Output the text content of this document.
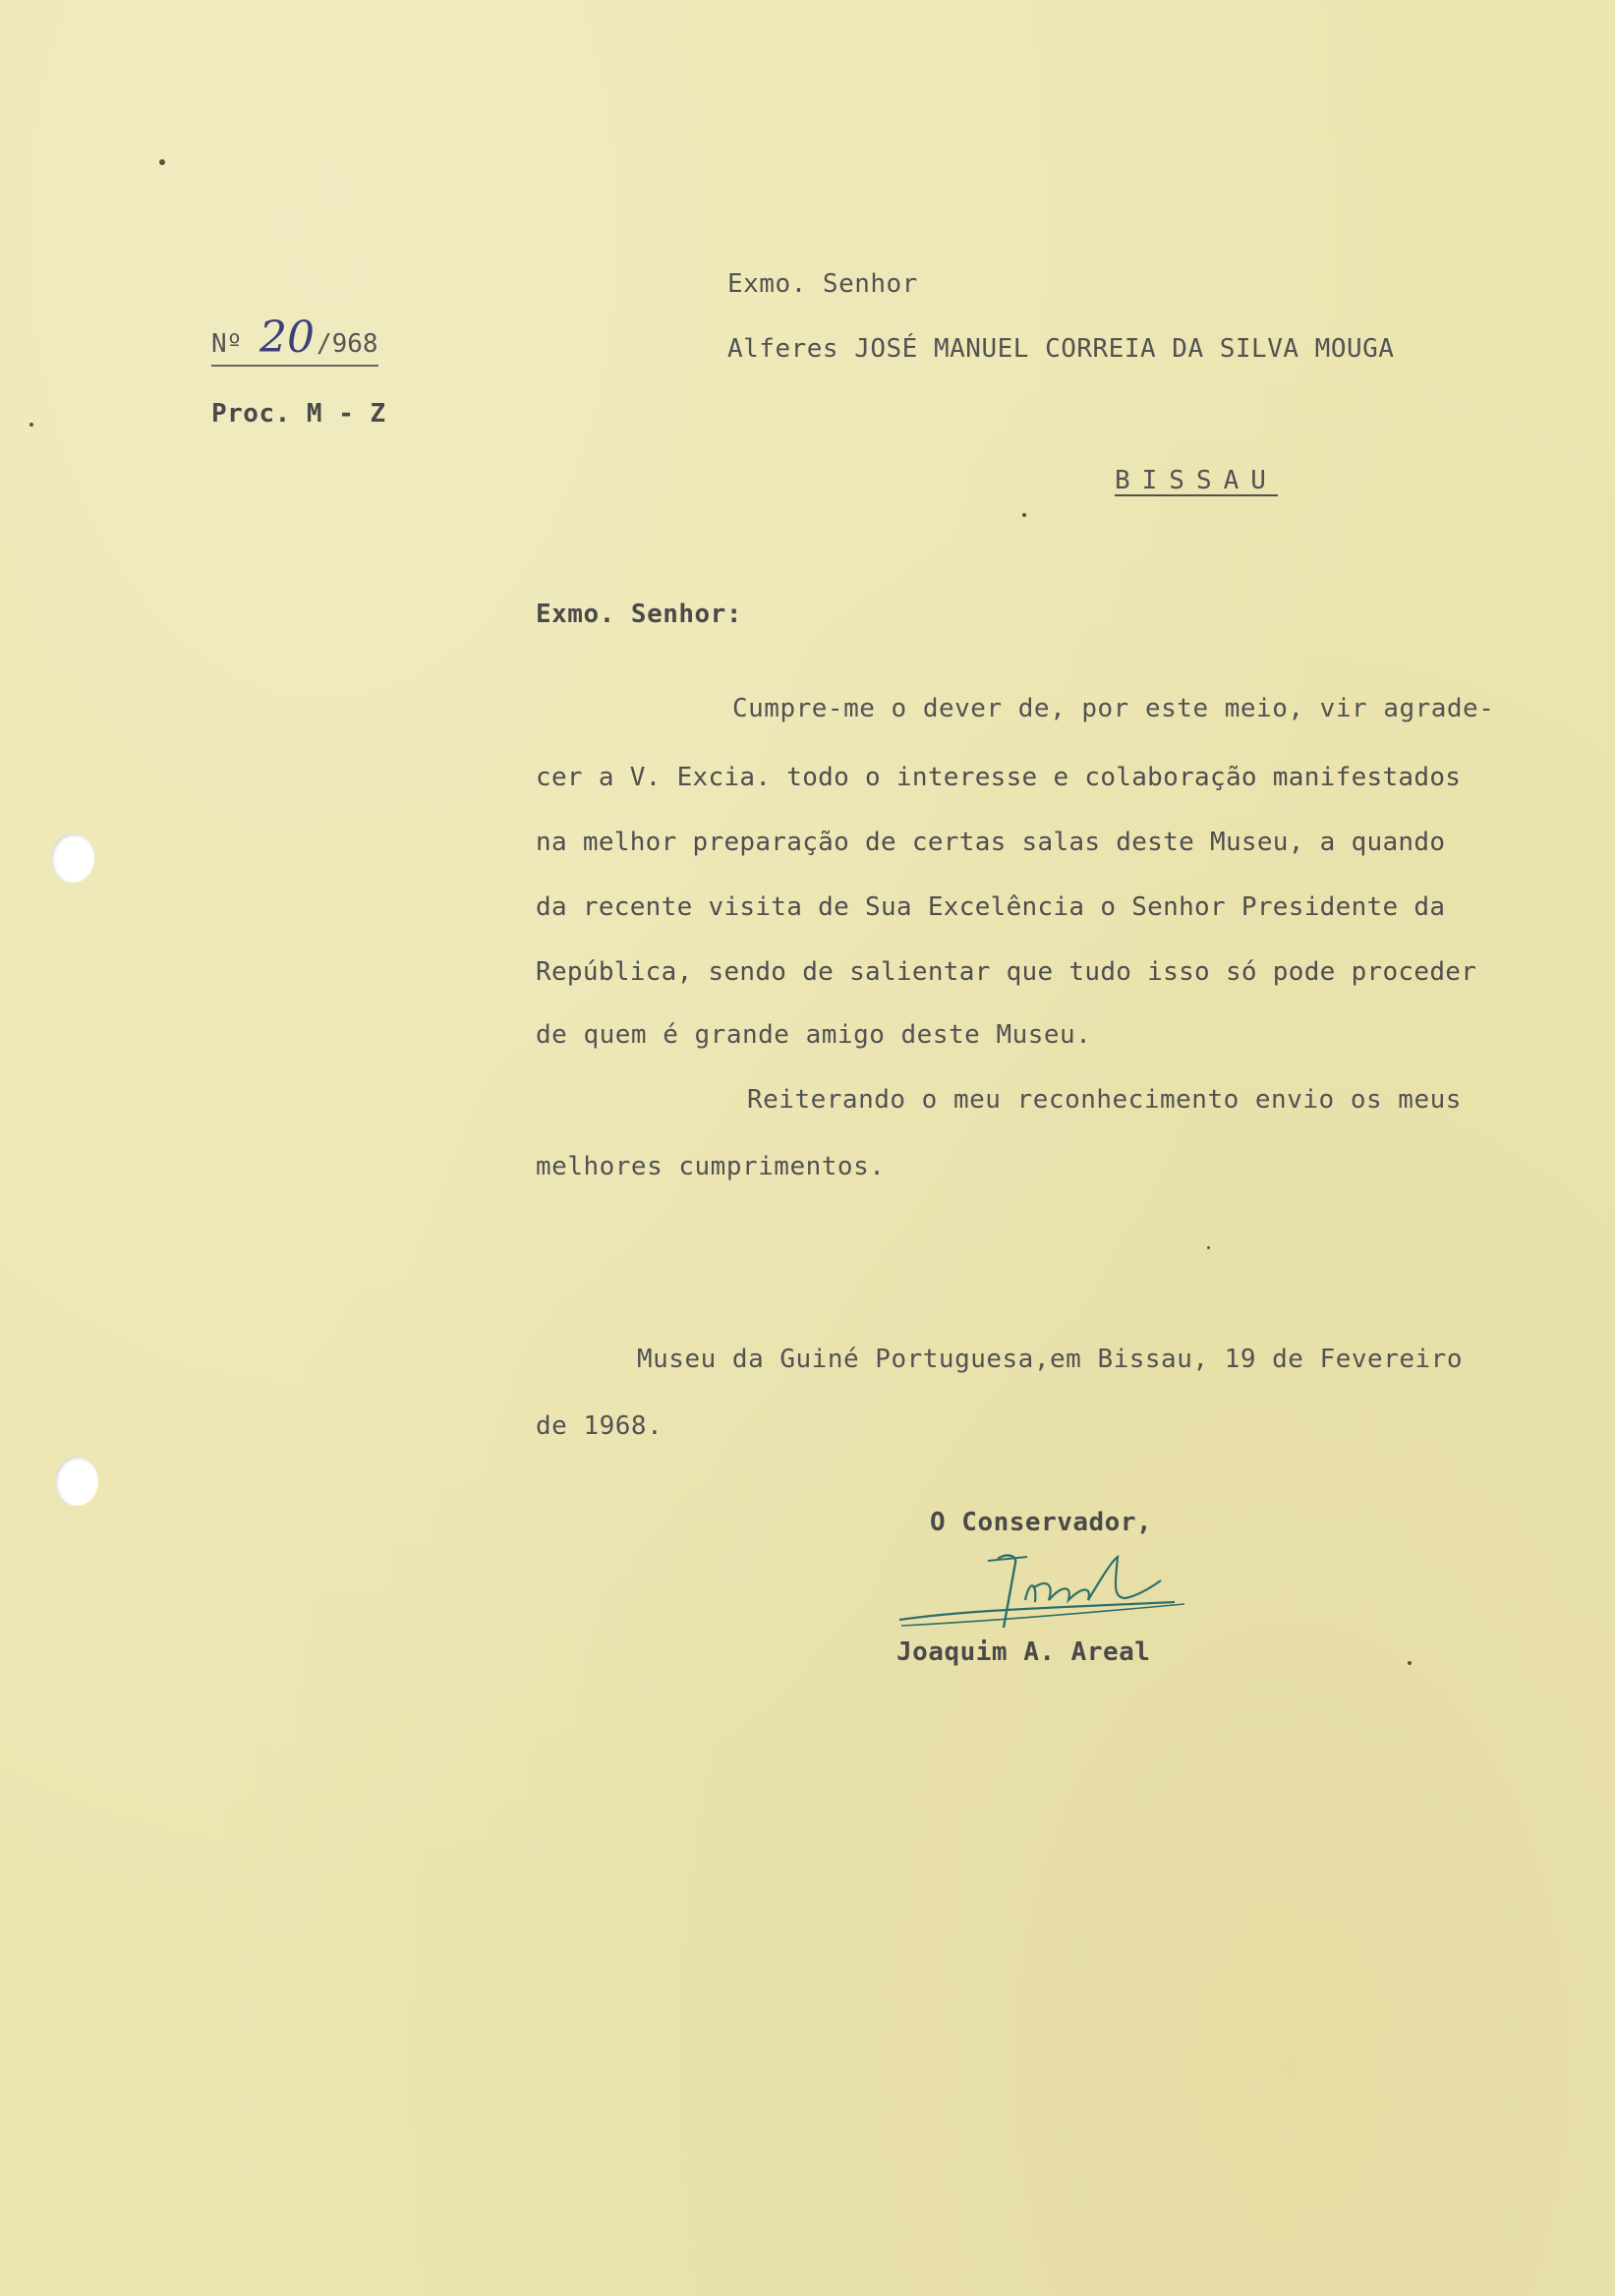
Exmo. Senhor
Alferes JOSÉ MANUEL CORREIA DA SILVA MOUGA
BISSAU
Nº 20/968
Proc. M - Z
Exmo. Senhor:
Cumpre-me o dever de, por este meio, vir agrade-
cer a V. Excia. todo o interesse e colaboração manifestados
na melhor preparação de certas salas deste Museu, a quando
da recente visita de Sua Excelência o Senhor Presidente da
República, sendo de salientar que tudo isso só pode proceder
de quem é grande amigo deste Museu.
Reiterando o meu reconhecimento envio os meus
melhores cumprimentos.
Museu da Guiné Portuguesa,em Bissau, 19 de Fevereiro
de 1968.
O Conservador,
Joaquim A. Areal
